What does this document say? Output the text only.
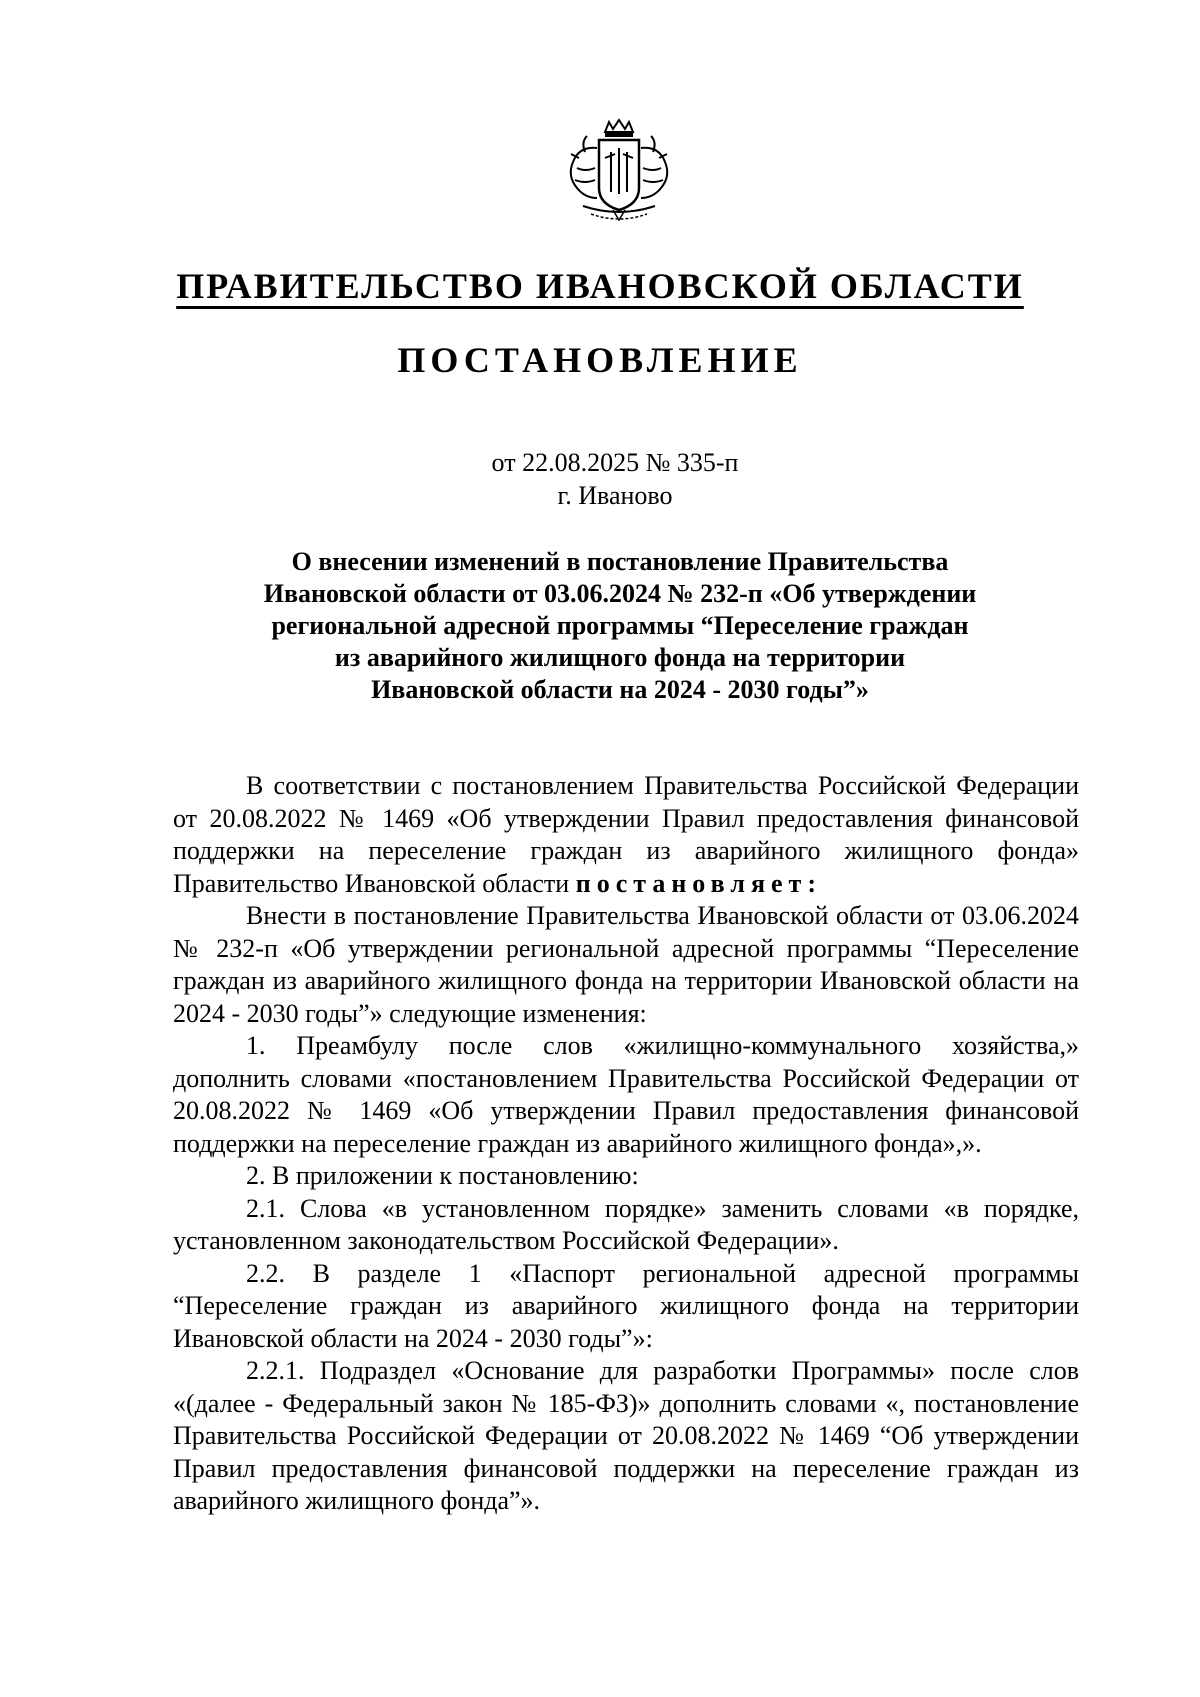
ПРАВИТЕЛЬСТВО ИВАНОВСКОЙ ОБЛАСТИ
ПОСТАНОВЛЕНИЕ
от 22.08.2025 № 335-п
г. Иваново
О внесении изменений в постановление Правительства
Ивановской области от 03.06.2024 № 232-п «Об утверждении
региональной адресной программы “Переселение граждан
из аварийного жилищного фонда на территории
Ивановской области на 2024 - 2030 годы”»

В соответствии с постановлением Правительства Российской Федерации от 20.08.2022 № 1469 «Об утверждении Правил предоставления финансовой поддержки на переселение граждан из аварийного жилищного фонда» Правительство Ивановской области постановляет:

Внести в постановление Правительства Ивановской области от 03.06.2024 № 232-п «Об утверждении региональной адресной программы “Переселение граждан из аварийного жилищного фонда на территории Ивановской области на 2024 - 2030 годы”» следующие изменения:

1. Преамбулу после слов «жилищно-коммунального хозяйства,» дополнить словами «постановлением Правительства Российской Федерации от 20.08.2022 № 1469 «Об утверждении Правил предоставления финансовой поддержки на переселение граждан из аварийного жилищного фонда»,».

2. В приложении к постановлению:

2.1. Слова «в установленном порядке» заменить словами «в порядке, установленном законодательством Российской Федерации».

2.2. В разделе 1 «Паспорт региональной адресной программы “Переселение граждан из аварийного жилищного фонда на территории Ивановской области на 2024 - 2030 годы”»:

2.2.1. Подраздел «Основание для разработки Программы» после слов «(далее - Федеральный закон № 185-ФЗ)» дополнить словами «, постановление Правительства Российской Федерации от 20.08.2022 № 1469 “Об утверждении Правил предоставления финансовой поддержки на переселение граждан из аварийного жилищного фонда”».
